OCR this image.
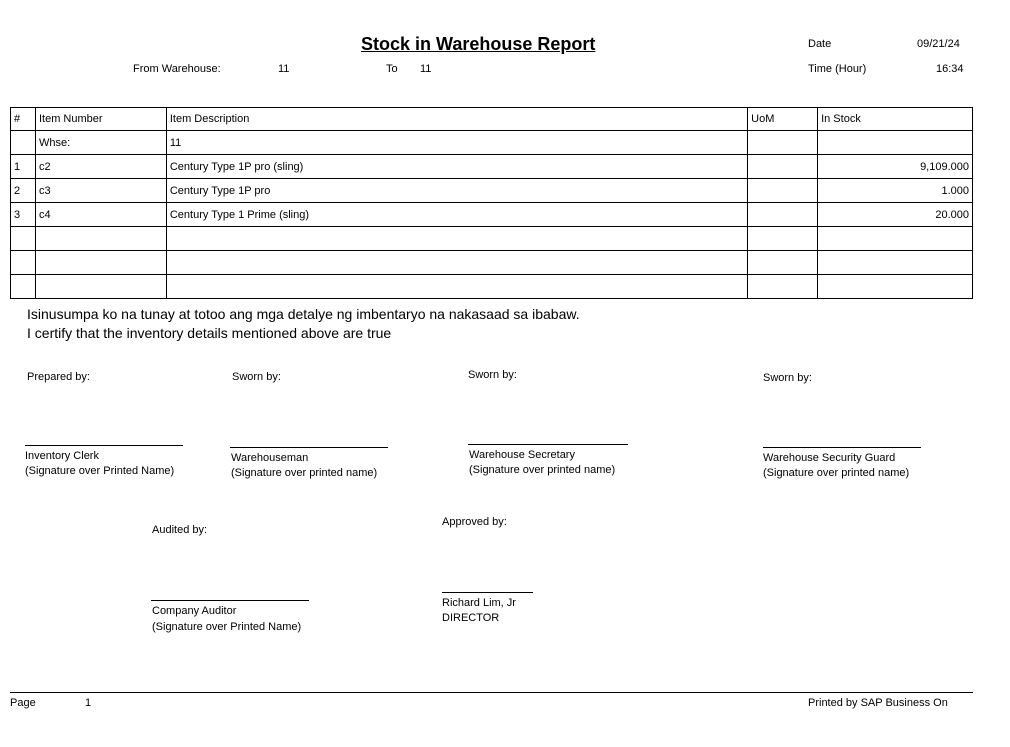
Stock in Warehouse Report
From Warehouse:	11	To 11
Date	09/21/24
Time (Hour)	16:34
#	Item Number	Item Description	UoM	In Stock
	Whse:	11		
1	c2	Century Type 1P pro (sling)		9,109.000
2	c3	Century Type 1P pro		1.000
3	c4	Century Type 1 Prime (sling)		20.000

Isinusumpa ko na tunay at totoo ang mga detalye ng imbentaryo na nakasaad sa ibabaw.
I certify that the inventory details mentioned above are true
Prepared by:	Sworn by:	Sworn by:	Sworn by:
Inventory Clerk
(Signature over Printed Name)
Warehouseman
(Signature over printed name)
Warehouse Secretary
(Signature over printed name)
Warehouse Security Guard
(Signature over printed name)
Audited by:
Approved by:
Company Auditor
(Signature over Printed Name)
Richard Lim, Jr
DIRECTOR
Page	1	Printed by SAP Business On
